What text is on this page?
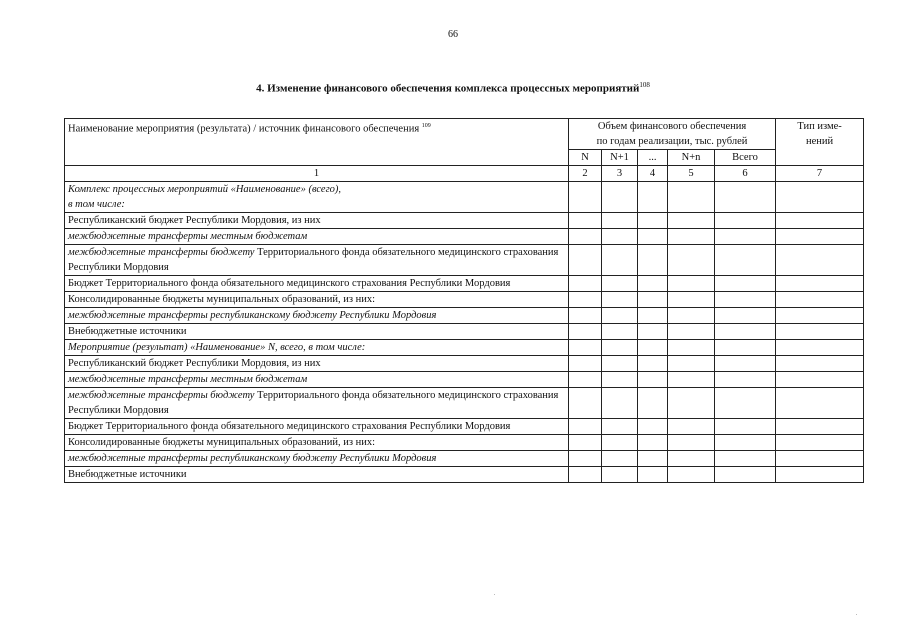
66
4. Изменение финансового обеспечения комплекса процессных мероприятий$^{108}$
Наименование мероприятия (результата) / источник финансового обеспечения $^{109}$	Объем финансового обеспечения
по годам реализации, тыс. рублей					Тип изме-
нений
	N	N+1	...	N+n	Всего	
1	2	3	4	5	6	7
Комплекс процессных мероприятий «Наименование» (всего),
в том числе:						
Республиканский бюджет Республики Мордовия, из них						
межбюджетные трансферты местным бюджетам						
межбюджетные трансферты бюджету Территориального фонда обязательного медицинского страхования Республики Мордовия						
Бюджет Территориального фонда обязательного медицинского страхования Республики Мордовия						
Консолидированные бюджеты муниципальных образований, из них:						
межбюджетные трансферты республиканскому бюджету Республики Мордовия						
Внебюджетные источники						
Мероприятие (результат) «Наименование» N, всего, в том числе:						
Республиканский бюджет Республики Мордовия, из них						
межбюджетные трансферты местным бюджетам						
межбюджетные трансферты бюджету Территориального фонда обязательного медицинского страхования Республики Мордовия						
Бюджет Территориального фонда обязательного медицинского страхования Республики Мордовия						
Консолидированные бюджеты муниципальных образований, из них:						
межбюджетные трансферты республиканскому бюджету Республики Мордовия						
Внебюджетные источники						
